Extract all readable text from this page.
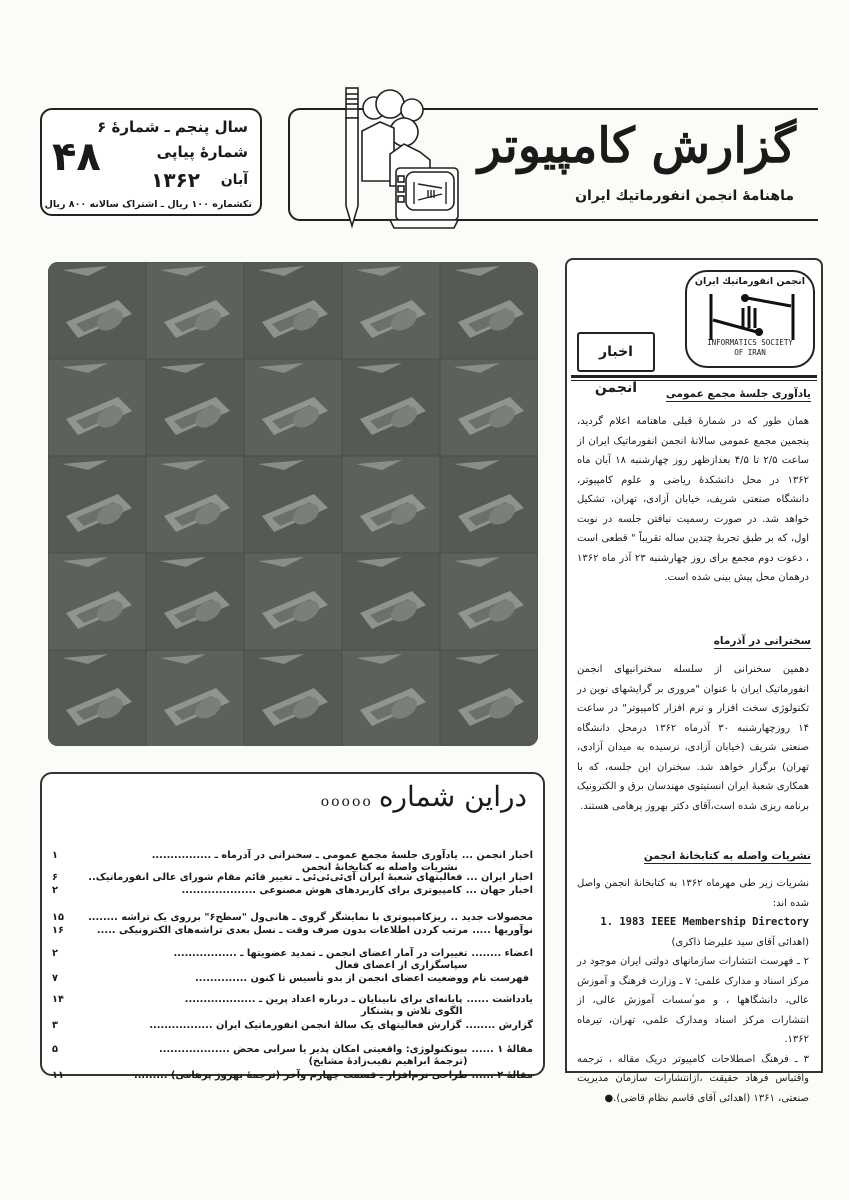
سال پنجم ـ شمارهٔ ۶
شمارهٔ پیاپی
۴۸	آبان
۱۳۶۲
تکشماره ۱۰۰ ریال ـ اشتراک سالانه ۸۰۰ ریال
گزارش کامپیوتر
ماهنامهٔ انجمن انفورماتیك ایران
انجمن انفورماتیك ایران
INFORMATICS SOCIETY
OF IRAN
اخبار انجمن	یادآوری جلسهٔ مجمع عمومی

همان طور که در شمارهٔ قبلی ماهنامه اعلام گردید، پنجمین مجمع عمومی سالانهٔ انجمن انفورماتیک ایران از ساعت ۲/۵ تا ۴/۵ بعدازظهر روز چهارشنبه ۱۸ آبان ماه ۱۳۶۲ در محل دانشکدهٔ ریاضی و علوم کامپیوتر، دانشگاه صنعتی شریف، خیابان آزادی، تهران، تشکیل خواهد شد. در صورت رسمیت نیافتن جلسه در نوبت اول، که بر طبق تجربهٔ چندین ساله تقریباً " قطعی است ، دعوت دوم مجمع برای روز چهارشنبه ۲۳ آذر ماه ۱۳۶۲ درهمان محل پیش بینی شده است.

سخنرانی در آذرماه

دهمین سخنرانی از سلسله سخنرانیهای انجمن انفورماتیک ایران با عنوان "مروری بر گرایشهای نوین در تکنولوژی سخت افزار و نرم افزار کامپیوتر" در ساعت ۱۴ روزچهارشنبه ۳۰ آذرماه ۱۳۶۲ درمحل دانشگاه صنعتی شریف (خیابان آزادی، نرسیده به میدان آزادی، تهران) برگزار خواهد شد. سخنران این جلسه، که با همکاری شعبهٔ ایران انستیتوی مهندسان برق و الکترونیک برنامه ریزی شده است،آقای دکتر بهروز پرهامی هستند.

نشریات واصله به کتابخانهٔ انجمن

نشریات زیر طی مهرماه ۱۳۶۲ به کتابخانهٔ انجمن واصل شده اند:

1. 1983 IEEE Membership Directory

(اهدائی آقای سید علیرضا ذاکری)

۲ ـ فهرست انتشارات سازمانهای دولتی ایران موجود در مرکز اسناد و مدارک علمی: ۷ ـ وزارت فرهنگ و آموزش عالی، دانشگاهها ، و موٴسسات آموزش عالی، از انتشارات مرکز اسناد ومدارک علمی، تهران، تیرماه ۱۳۶۲.

۳ ـ فرهنگ اصطلاحات کامپیوتر دریک مقاله ، ترجمه واقتباس فرهاد حقیقت ،ازانتشارات سازمان مدیریت صنعتی، ۱۳۶۱ (اهدائی آقای قاسم نظام قاضی).●

دراین شمارهooooo
اخبار انجمن ...
یادآوری جلسهٔ مجمع عمومی ـ سخنرانی در آذرماه ـ ................
نشریات واصله به کتابخانهٔ انجمن
۱
اخبار ایران ...
فعالیتهای شعبهٔ ایران آی‌ئی‌ئی‌ئی ـ تغییر قائم مقام شورای عالی انفورماتیک..
۶
اخبار جهان ...
کامپیوتری برای کاربردهای هوش مصنوعی ....................
۲
محصولات جدید ..
ریزکامپیوتری با نمایشگر گروی ـ هانی‌ول "سطح۶" برروی یک تراشه ........
۱۵
نوآوریها .....
مرتب کردن اطلاعات بدون صرف وقت ـ نسل بعدی تراشه‌های الکترونیکی .....
۱۶
اعضاء ........
تغییرات در آمار اعضای انجمن ـ تمدید عضویتها ـ .................
سپاسگزاری از اعضای فعال
۲
فهرست نام ووضعیت اعضای انجمن از بدو تأسیس تا کنون ..............
۷
یادداشت ......
پایانه‌ای برای نابینایان ـ درباره اعداد پرین ـ ...................
الگوی تلاش و پشتکار
۱۴
گزارش ........
گزارش فعالیتهای یک سالهٔ انجمن انفورماتیک ایران .................
۳
مقالهٔ ۱ ......
بیوتکنولوژی: واقعیتی امکان پذیر یا سرابی محض ...................
(ترجمهٔ ابراهیم نقیب‌زادهٔ مشایخ)
۵
مقالهٔ ۲ ......
طراحی نرم‌افزار ـ قسمت چهارم وآخر (ترجمهٔ بهروز پرهامی) .........
۱۱
